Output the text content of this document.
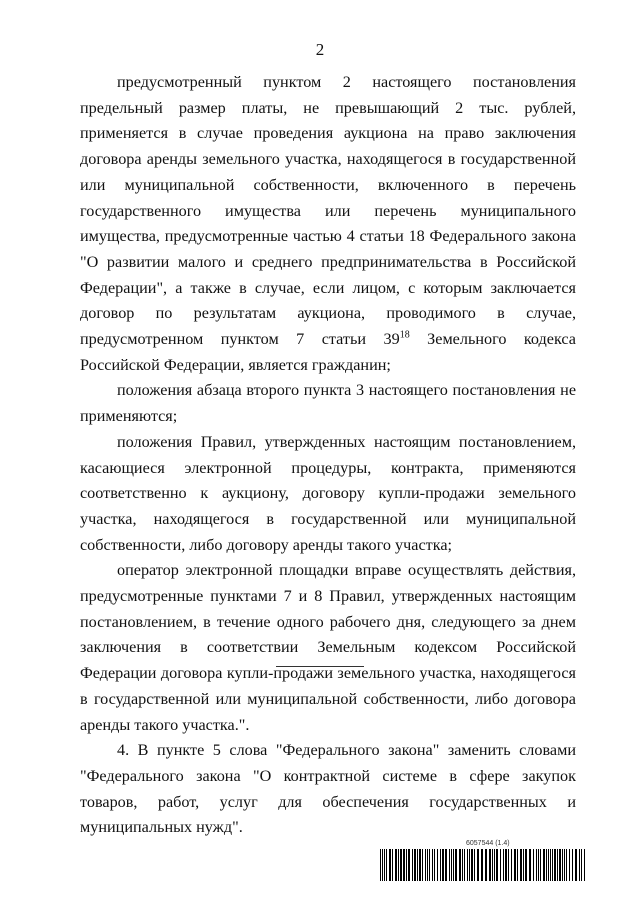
2

предусмотренный пунктом 2 настоящего постановления предельный размер платы, не превышающий 2 тыс. рублей, применяется в случае проведения аукциона на право заключения договора аренды земельного участка, находящегося в государственной или муниципальной собственности, включенного в перечень государственного имущества или перечень муниципального имущества, предусмотренные частью 4 статьи 18 Федерального закона "О развитии малого и среднего предпринимательства в Российской Федерации", а также в случае, если лицом, с которым заключается договор по результатам аукциона, проводимого в случае, предусмотренном пунктом 7 статьи $39^{18}$ Земельного кодекса Российской Федерации, является гражданин;

положения абзаца второго пункта 3 настоящего постановления не применяются;

положения Правил, утвержденных настоящим постановлением, касающиеся электронной процедуры, контракта, применяются соответственно к аукциону, договору купли-продажи земельного участка, находящегося в государственной или муниципальной собственности, либо договору аренды такого участка;

оператор электронной площадки вправе осуществлять действия, предусмотренные пунктами 7 и 8 Правил, утвержденных настоящим постановлением, в течение одного рабочего дня, следующего за днем заключения в соответствии Земельным кодексом Российской Федерации договора купли-продажи земельного участка, находящегося в государственной или муниципальной собственности, либо договора аренды такого участка.".

4. В пункте 5 слова "Федерального закона" заменить словами "Федерального закона "О контрактной системе в сфере закупок товаров, работ, услуг для обеспечения государственных и муниципальных нужд".

6057544 (1.4)
